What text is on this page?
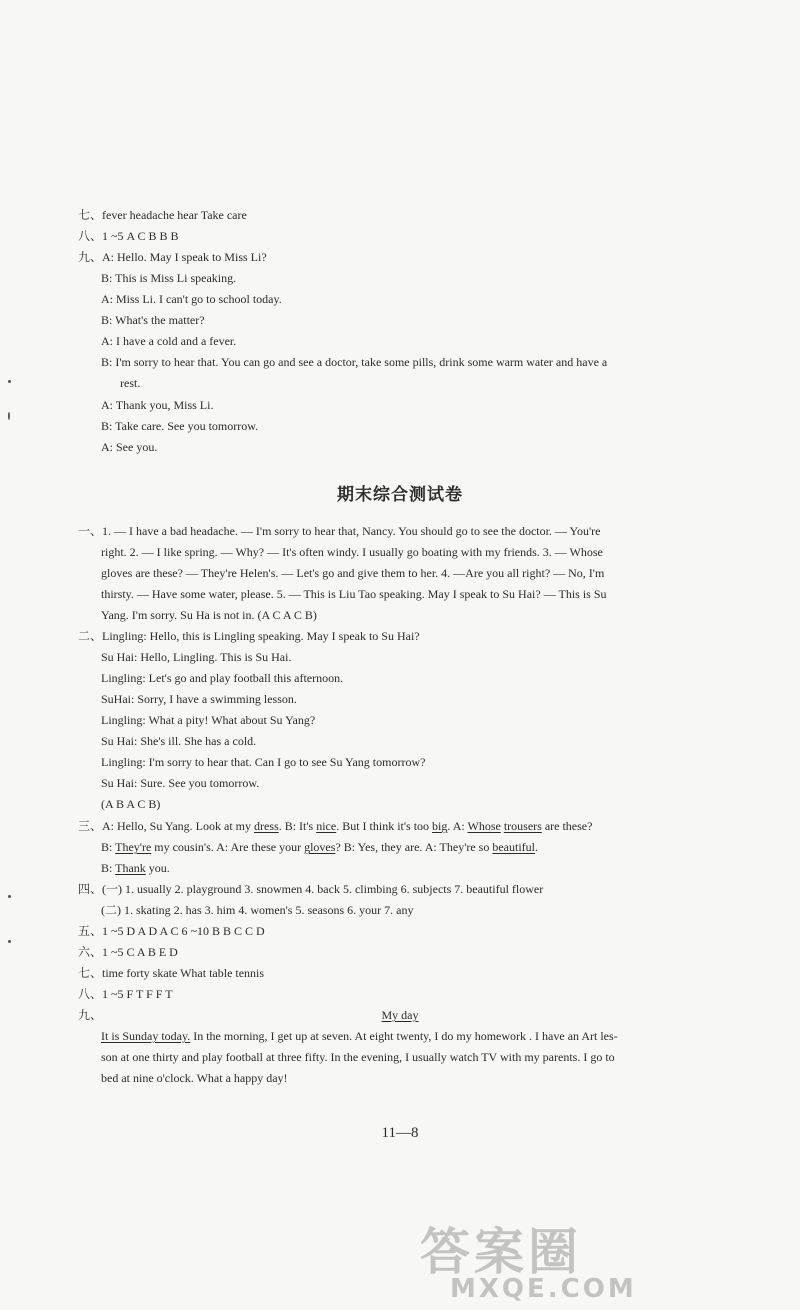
七、fever headache hear Take care
八、1 ~5 A C B B B
九、A: Hello. May I speak to Miss Li?
B: This is Miss Li speaking.
A: Miss Li. I can't go to school today.
B: What's the matter?
A: I have a cold and a fever.
B: I'm sorry to hear that. You can go and see a doctor, take some pills, drink some warm water and have a
rest.
A: Thank you, Miss Li.
B: Take care. See you tomorrow.
A: See you.
期末综合测试卷
一、1. — I have a bad headache. — I'm sorry to hear that, Nancy. You should go to see the doctor. — You're
right. 2. — I like spring. — Why? — It's often windy. I usually go boating with my friends. 3. — Whose
gloves are these? — They're Helen's. — Let's go and give them to her. 4. —Are you all right? — No, I'm
thirsty. — Have some water, please. 5. — This is Liu Tao speaking. May I speak to Su Hai? — This is Su
Yang. I'm sorry. Su Ha is not in. (A C A C B)
二、Lingling: Hello, this is Lingling speaking. May I speak to Su Hai?
Su Hai: Hello, Lingling. This is Su Hai.
Lingling: Let's go and play football this afternoon.
SuHai: Sorry, I have a swimming lesson.
Lingling: What a pity! What about Su Yang?
Su Hai: She's ill. She has a cold.
Lingling: I'm sorry to hear that. Can I go to see Su Yang tomorrow?
Su Hai: Sure. See you tomorrow.
(A B A C B)
三、A: Hello, Su Yang. Look at my dress. B: It's nice. But I think it's too big. A: Whose trousers are these?
B: They're my cousin's. A: Are these your gloves? B: Yes, they are. A: They're so beautiful.
B: Thank you.
四、(一) 1. usually 2. playground 3. snowmen 4. back 5. climbing 6. subjects 7. beautiful flower
(二) 1. skating 2. has 3. him 4. women's 5. seasons 6. your 7. any
五、1 ~5 D A D A C 6 ~10 B B C C D
六、1 ~5 C A B E D
七、time forty skate What table tennis
八、1 ~5 F T F F T
九、	My day
It is Sunday today. In the morning, I get up at seven. At eight twenty, I do my homework . I have an Art les-
son at one thirty and play football at three fifty. In the evening, I usually watch TV with my parents. I go to
bed at nine o'clock. What a happy day!
11—8
答案圈
MXQE.COM
